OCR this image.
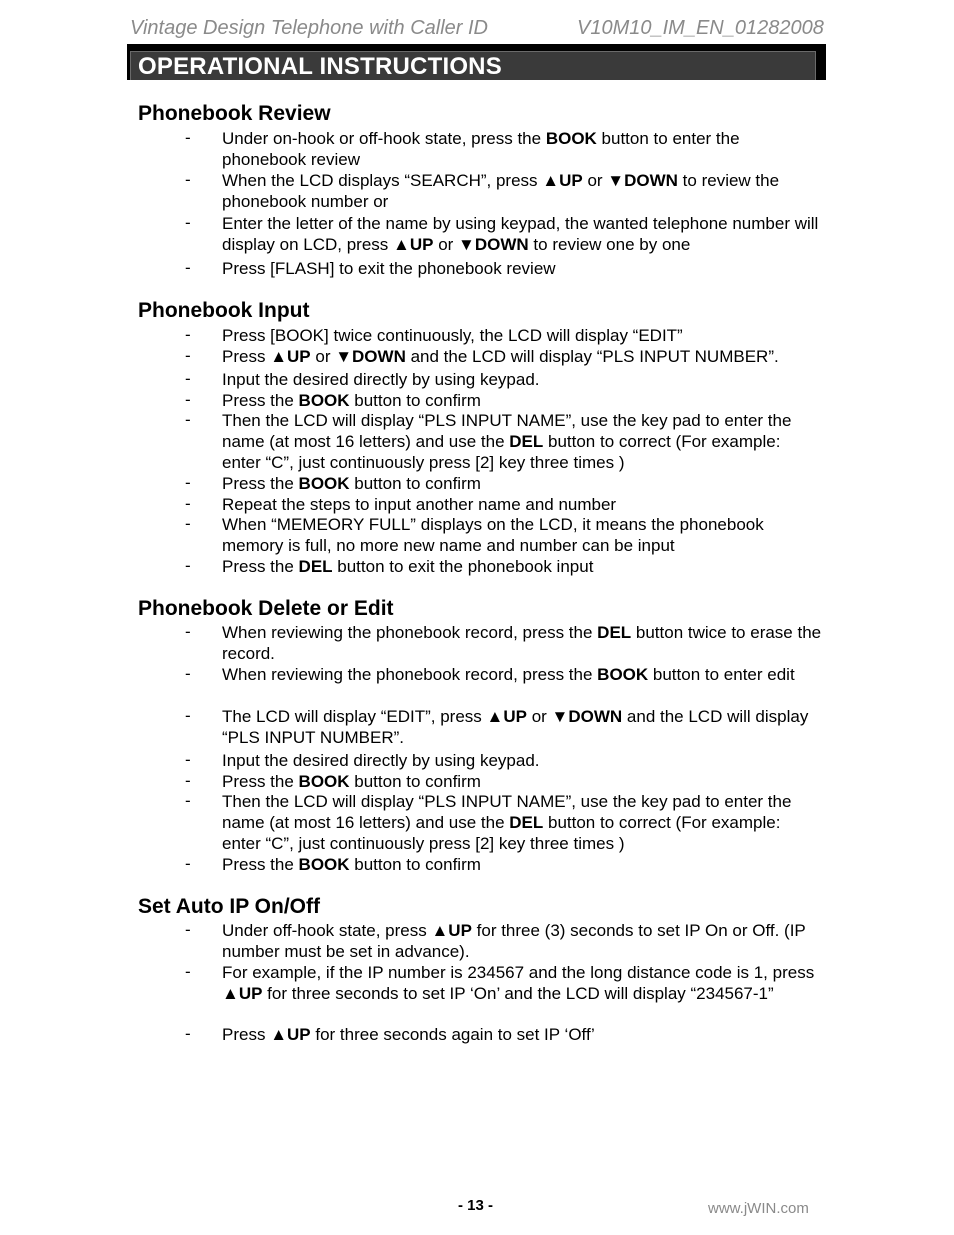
Vintage Design Telephone with Caller ID	V10M10_IM_EN_01282008
OPERATIONAL INSTRUCTIONS
Phonebook Review
- Under on-hook or off-hook state, press the BOOK button to enter the phonebook review
- When the LCD displays “SEARCH”, press ▲UP or ▼DOWN to review the phonebook number or
- Enter the letter of the name by using keypad, the wanted telephone number will display on LCD, press ▲UP or ▼DOWN to review one by one
- Press [FLASH] to exit the phonebook review
Phonebook Input
- Press [BOOK] twice continuously, the LCD will display “EDIT”
- Press ▲UP or ▼DOWN and the LCD will display “PLS INPUT NUMBER”.
- Input the desired directly by using keypad.
- Press the BOOK button to confirm
- Then the LCD will display “PLS INPUT NAME”, use the key pad to enter the name (at most 16 letters) and use the DEL button to correct (For example: enter “C”, just continuously press [2] key three times )
- Press the BOOK button to confirm
- Repeat the steps to input another name and number
- When “MEMEORY FULL” displays on the LCD, it means the phonebook memory is full, no more new name and number can be input
- Press the DEL button to exit the phonebook input
Phonebook Delete or Edit
- When reviewing the phonebook record, press the DEL button twice to erase the record.
- When reviewing the phonebook record, press the BOOK button to enter edit
- The LCD will display “EDIT”, press ▲UP or ▼DOWN and the LCD will display “PLS INPUT NUMBER”.
- Input the desired directly by using keypad.
- Press the BOOK button to confirm
- Then the LCD will display “PLS INPUT NAME”, use the key pad to enter the name (at most 16 letters) and use the DEL button to correct (For example: enter “C”, just continuously press [2] key three times )
- Press the BOOK button to confirm
Set Auto IP On/Off
- Under off-hook state, press ▲UP for three (3) seconds to set IP On or Off. (IP number must be set in advance).
- For example, if the IP number is 234567 and the long distance code is 1, press ▲UP for three seconds to set IP ‘On’ and the LCD will display “234567-1”
- Press ▲UP for three seconds again to set IP ‘Off’
- 13 -	www.jWIN.com
